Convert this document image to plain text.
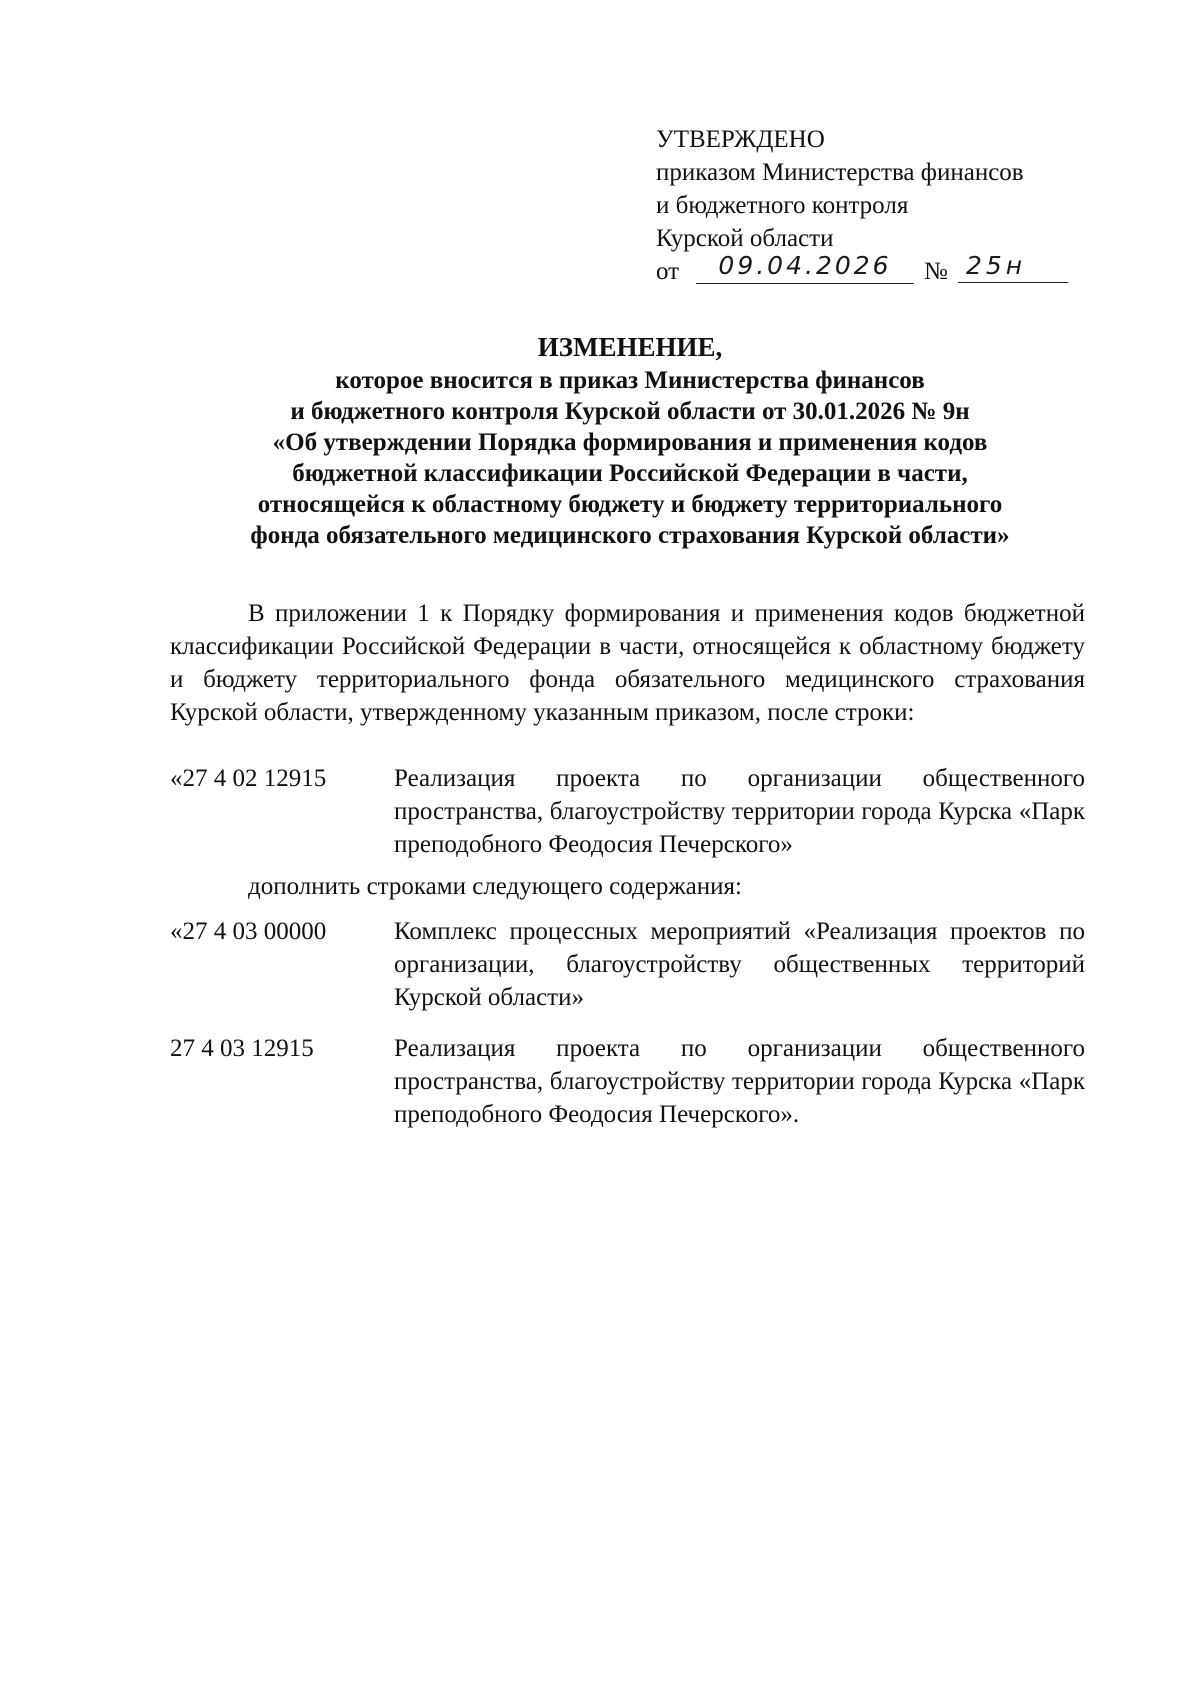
УТВЕРЖДЕНО
приказом Министерства финансов
и бюджетного контроля
Курской области
от	09.04.2026	№ 25н
ИЗМЕНЕНИЕ,
которое вносится в приказ Министерства финансов
и бюджетного контроля Курской области от 30.01.2026 № 9н
«Об утверждении Порядка формирования и применения кодов
бюджетной классификации Российской Федерации в части,
относящейся к областному бюджету и бюджету территориального
фонда обязательного медицинского страхования Курской области»
В приложении 1 к Порядку формирования и применения кодов бюджетной классификации Российской Федерации в части, относящейся к областному бюджету и бюджету территориального фонда обязательного медицинского страхования Курской области, утвержденному указанным приказом, после строки:
«27 4 02 12915	Реализация проекта по организации общественного пространства, благоустройству территории города Курска «Парк преподобного Феодосия Печерского»
дополнить строками следующего содержания:
«27 4 03 00000	Комплекс процессных мероприятий «Реализация проектов по организации, благоустройству общественных территорий Курской области»
27 4 03 12915	Реализация проекта по организации общественного пространства, благоустройству территории города Курска «Парк преподобного Феодосия Печерского».
